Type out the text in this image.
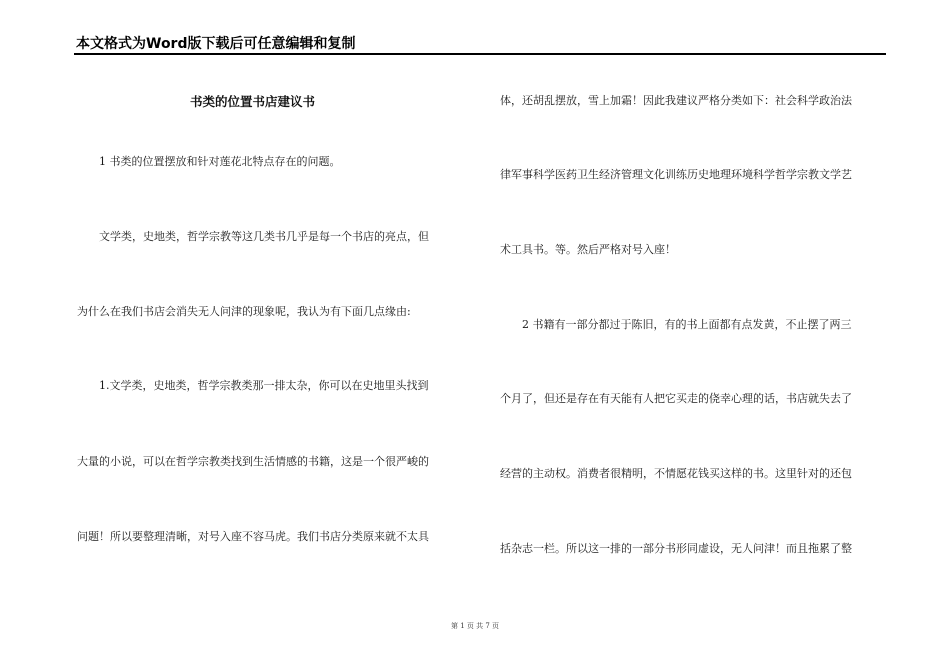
本文格式为Word版下载后可任意编辑和复制
书类的位置书店建议书
1 书类的位置摆放和针对莲花北特点存在的问题。
文学类，史地类，哲学宗教等这几类书几乎是每一个书店的亮点，但
为什么在我们书店会消失无人问津的现象呢，我认为有下面几点缘由:
1.文学类，史地类，哲学宗教类那一排太杂，你可以在史地里头找到
大量的小说，可以在哲学宗教类找到生活情感的书籍，这是一个很严峻的
问题！所以要整理清晰，对号入座不容马虎。我们书店分类原来就不太具
体，还胡乱摆放，雪上加霜！因此我建议严格分类如下：社会科学政治法
律军事科学医药卫生经济管理文化训练历史地理环境科学哲学宗教文学艺
术工具书。等。然后严格对号入座！
2 书籍有一部分都过于陈旧，有的书上面都有点发黄，不止摆了两三
个月了，但还是存在有天能有人把它买走的侥幸心理的话，书店就失去了
经营的主动权。消费者很精明，不情愿花钱买这样的书。这里针对的还包
括杂志一栏。所以这一排的一部分书形同虚设，无人问津！而且拖累了整
第 1 页 共 7 页
